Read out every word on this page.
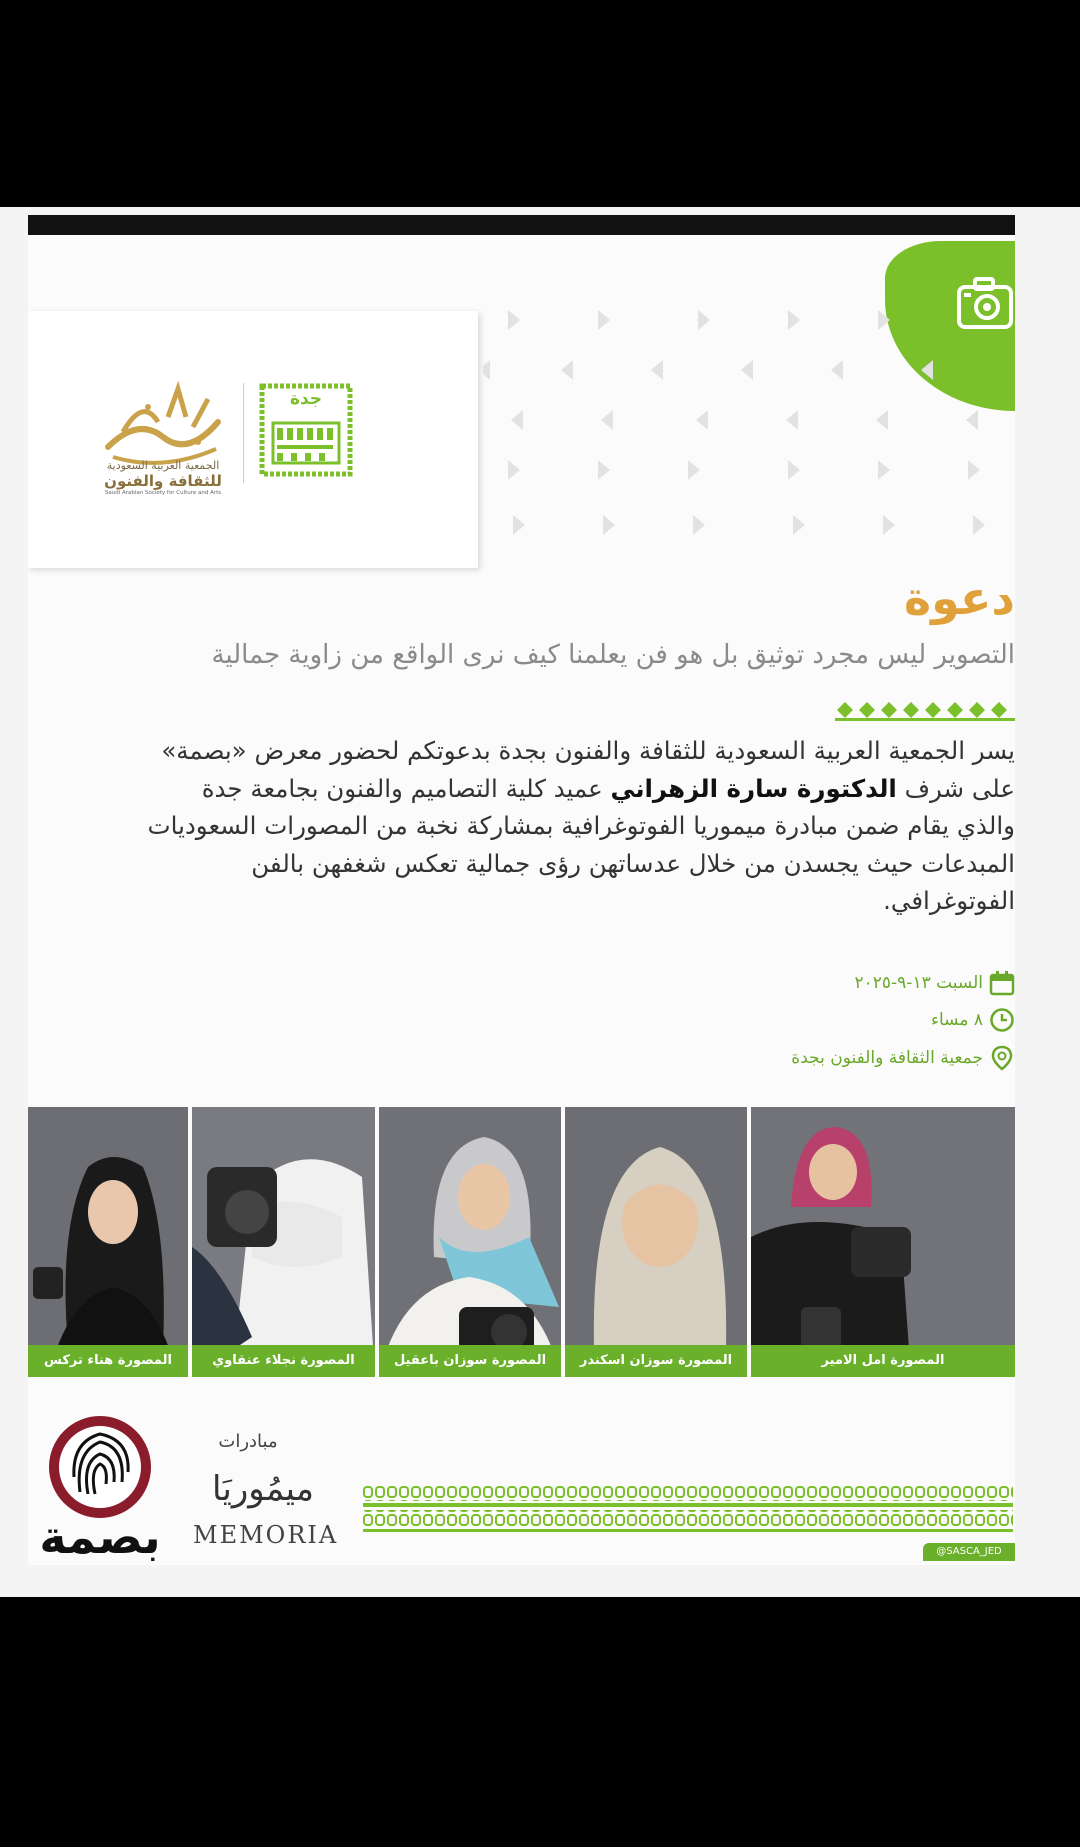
الجمعية العربية السعودية
للثقافة والفنون
Saudi Arabian Society for Culture and Arts
جدة
دعوة
التصوير ليس مجرد توثيق بل هو فن يعلمنا كيف نرى الواقع من زاوية جمالية
يسر الجمعية العربية السعودية للثقافة والفنون بجدة بدعوتكم لحضور معرض «بصمة»
على شرف الدكتورة سارة الزهراني عميد كلية التصاميم والفنون بجامعة جدة
والذي يقام ضمن مبادرة ميموريا الفوتوغرافية بمشاركة نخبة من المصورات السعوديات
المبدعات حيث يجسدن من خلال عدساتهن رؤى جمالية تعكس شغفهن بالفن
الفوتوغرافي.
السبت ١٣-٩-٢٠٢٥
٨ مساء
جمعية الثقافة والفنون بجدة
المصورة هناء تركس	المصورة نجلاء عنقاوي	المصورة سوزان باعقيل	المصورة سوزان اسكندر	المصورة امل الامير
بصمة
مبادرات
ميمُوريَا
MEMORIA
@SASCA_JED
